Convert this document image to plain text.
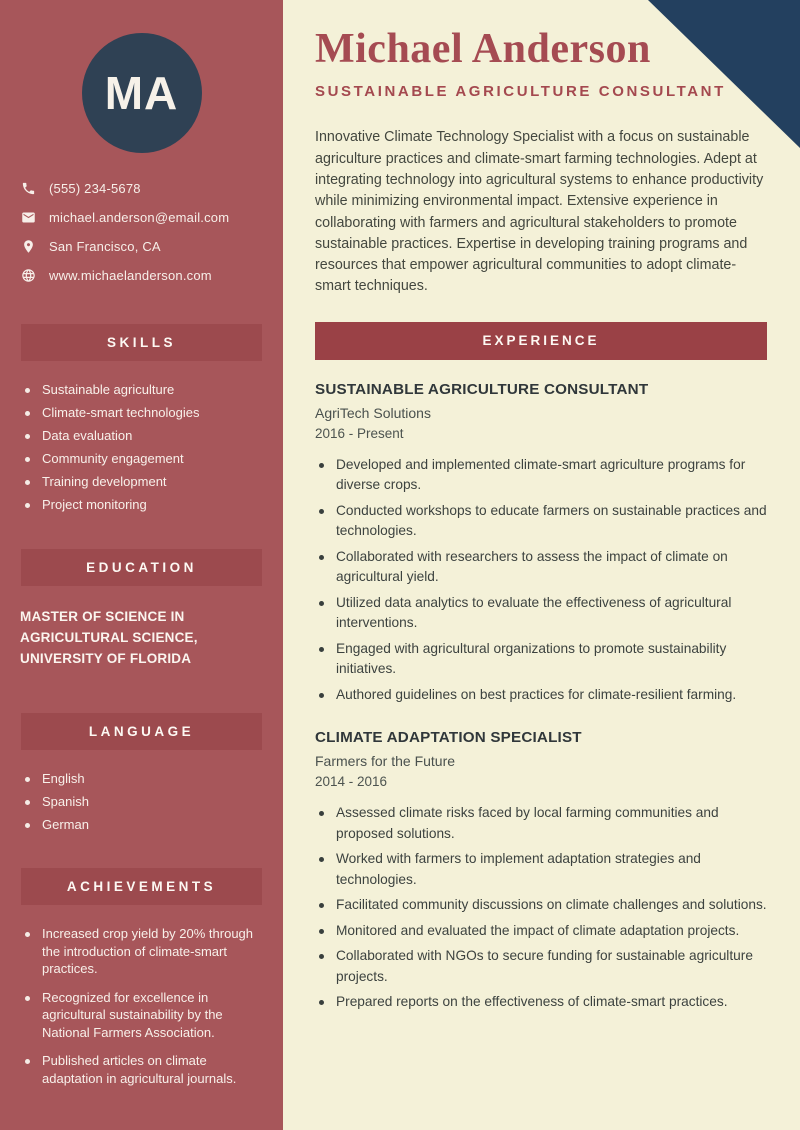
MA
(555) 234-5678
michael.anderson@email.com
San Francisco, CA
www.michaelanderson.com
SKILLS
Sustainable agriculture
Climate-smart technologies
Data evaluation
Community engagement
Training development
Project monitoring
EDUCATION
MASTER OF SCIENCE IN AGRICULTURAL SCIENCE, UNIVERSITY OF FLORIDA
LANGUAGE
English
Spanish
German
ACHIEVEMENTS
Increased crop yield by 20% through the introduction of climate-smart practices.
Recognized for excellence in agricultural sustainability by the National Farmers Association.
Published articles on climate adaptation in agricultural journals.
Michael Anderson
SUSTAINABLE AGRICULTURE CONSULTANT

Innovative Climate Technology Specialist with a focus on sustainable agriculture practices and climate-smart farming technologies. Adept at integrating technology into agricultural systems to enhance productivity while minimizing environmental impact. Extensive experience in collaborating with farmers and agricultural stakeholders to promote sustainable practices. Expertise in developing training programs and resources that empower agricultural communities to adopt climate-smart techniques.

EXPERIENCE
SUSTAINABLE AGRICULTURE CONSULTANT
AgriTech Solutions
2016 - Present
Developed and implemented climate-smart agriculture programs for diverse crops.
Conducted workshops to educate farmers on sustainable practices and technologies.
Collaborated with researchers to assess the impact of climate on agricultural yield.
Utilized data analytics to evaluate the effectiveness of agricultural interventions.
Engaged with agricultural organizations to promote sustainability initiatives.
Authored guidelines on best practices for climate-resilient farming.
CLIMATE ADAPTATION SPECIALIST
Farmers for the Future
2014 - 2016
Assessed climate risks faced by local farming communities and proposed solutions.
Worked with farmers to implement adaptation strategies and technologies.
Facilitated community discussions on climate challenges and solutions.
Monitored and evaluated the impact of climate adaptation projects.
Collaborated with NGOs to secure funding for sustainable agriculture projects.
Prepared reports on the effectiveness of climate-smart practices.
